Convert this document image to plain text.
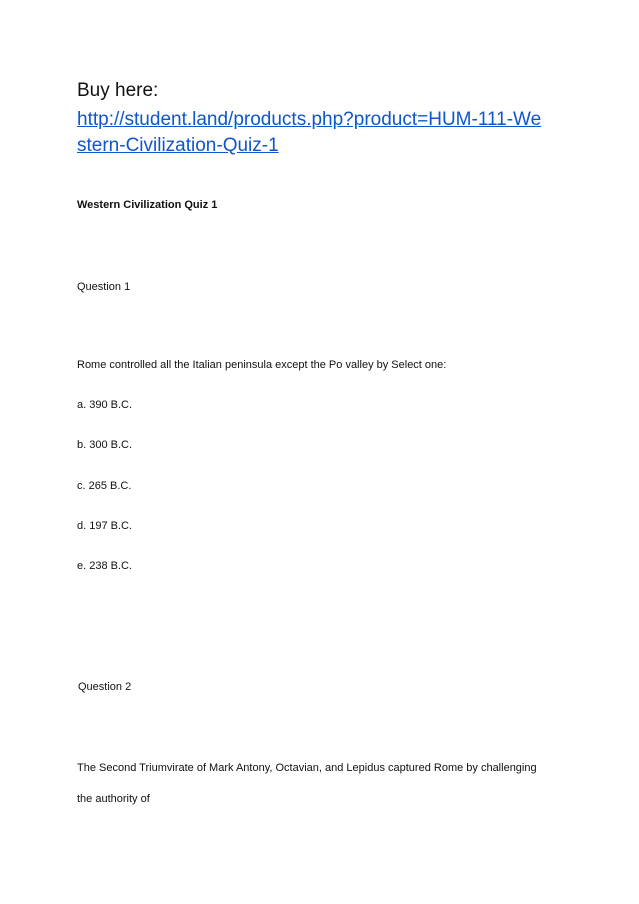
Buy here:

http://student.land/products.php?product=HUM-111-We
stern-Civilization-Quiz-1

Western Civilization Quiz 1

Question 1

Rome controlled all the Italian peninsula except the Po valley by Select one:

a. 390 B.C.

b. 300 B.C.

c. 265 B.C.

d. 197 B.C.

e. 238 B.C.

Question 2

The Second Triumvirate of Mark Antony, Octavian, and Lepidus captured Rome by challenging

the authority of
